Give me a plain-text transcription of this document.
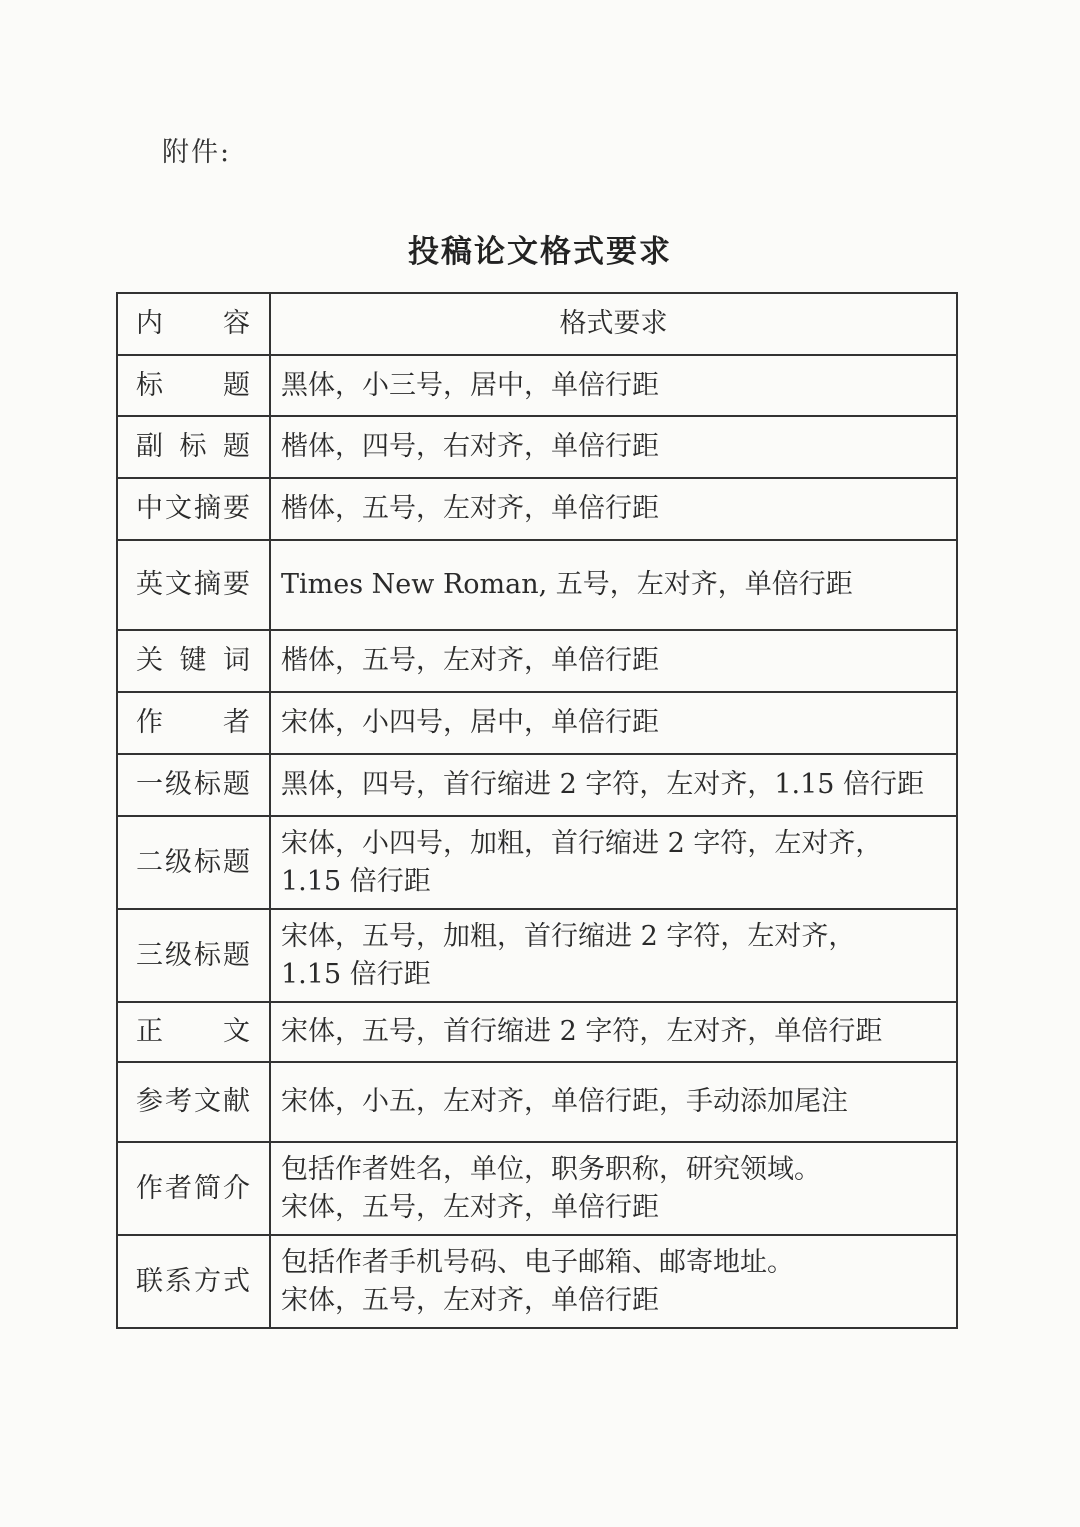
附件:
投稿论文格式要求
内 容	格式要求
标 题	黑体，小三号，居中，单倍行距

副 标 题	楷体，四号，右对齐，单倍行距

中文摘要	楷体，五号，左对齐，单倍行距

英文摘要	Times New Roman, 五号，左对齐，单倍行距

关 键 词	楷体，五号，左对齐，单倍行距

作 者	宋体，小四号，居中，单倍行距

一级标题	黑体，四号，首行缩进 2 字符，左对齐，1.15 倍行距

二级标题	宋体，小四号，加粗，首行缩进 2 字符，左对齐，
1.15 倍行距

三级标题	宋体，五号，加粗，首行缩进 2 字符，左对齐，
1.15 倍行距

正 文	宋体，五号，首行缩进 2 字符，左对齐，单倍行距

参考文献	宋体，小五，左对齐，单倍行距，手动添加尾注

作者简介	包括作者姓名，单位，职务职称，研究领域。
宋体，五号，左对齐，单倍行距

联系方式	包括作者手机号码、电子邮箱、邮寄地址。
宋体，五号，左对齐，单倍行距
